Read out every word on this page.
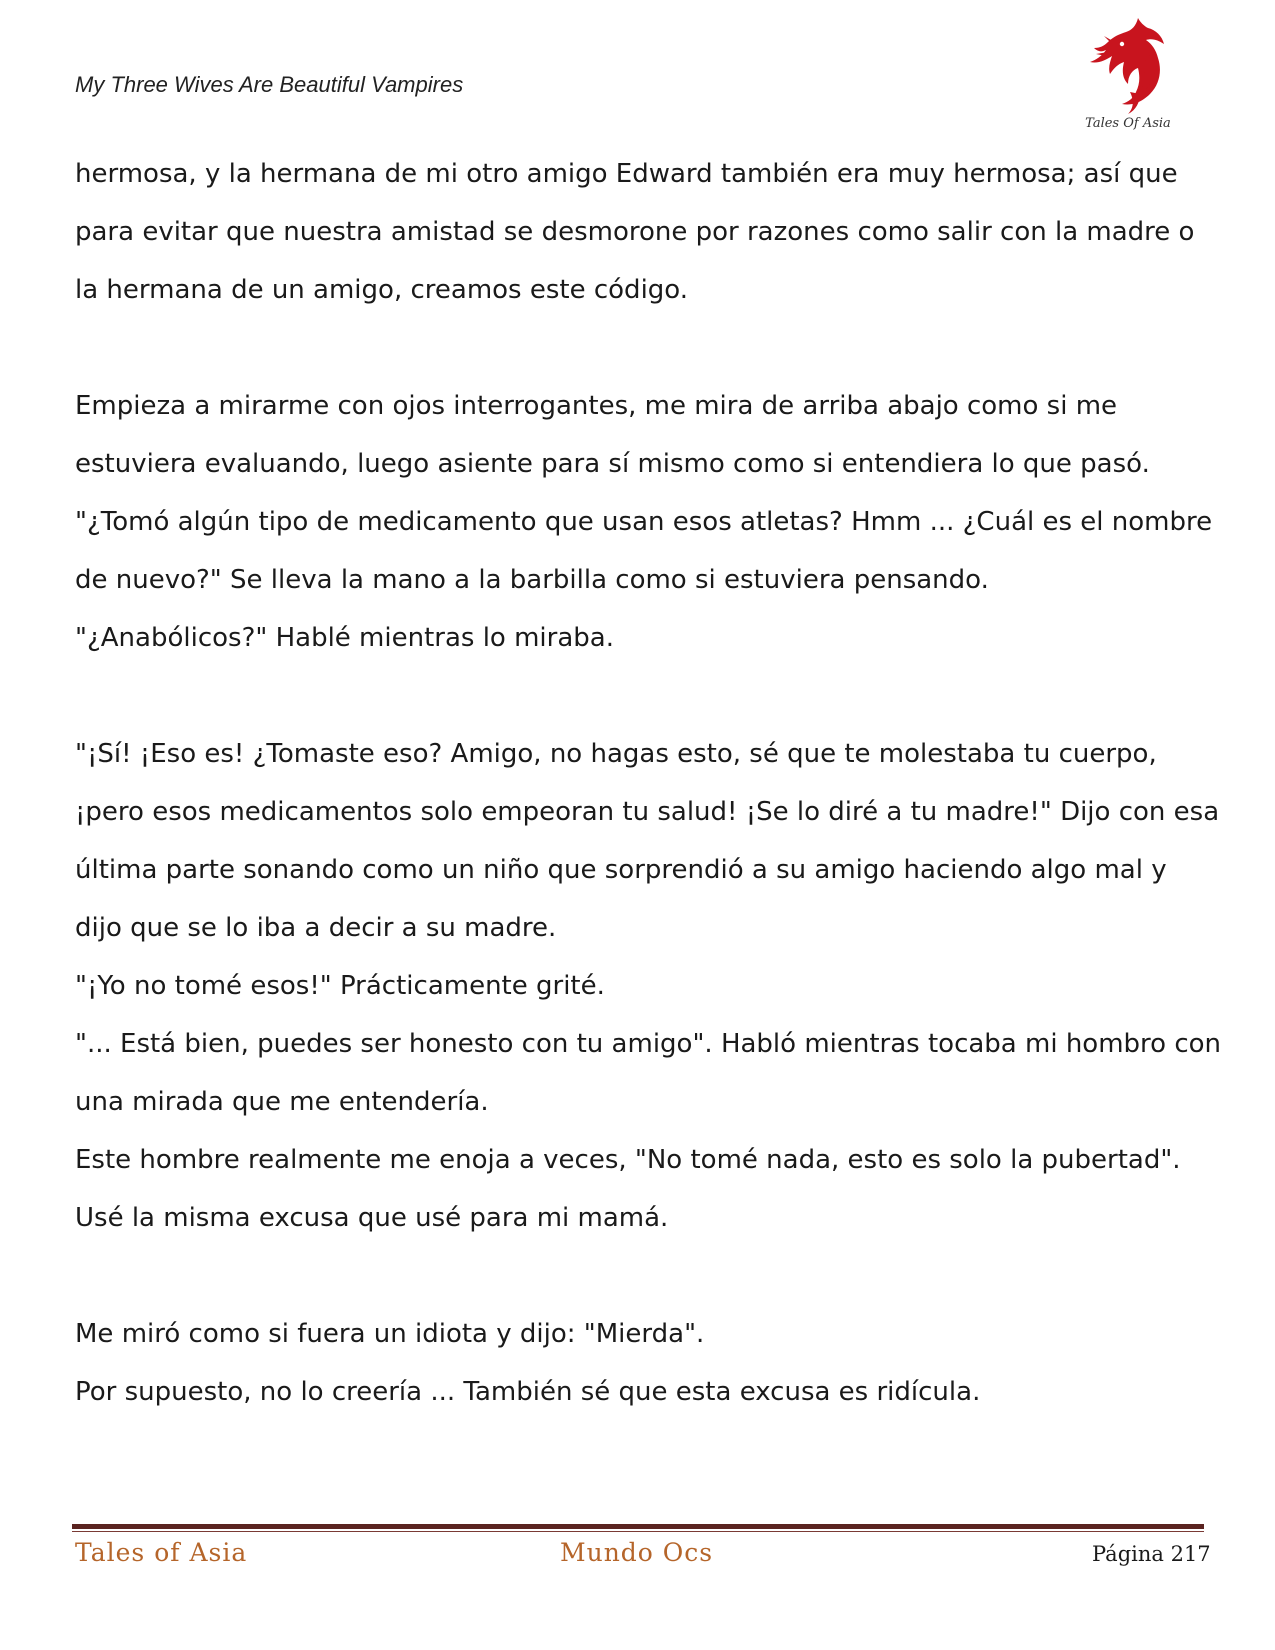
My Three Wives Are Beautiful Vampires

Tales Of Asia

hermosa, y la hermana de mi otro amigo Edward también era muy hermosa; así que
para evitar que nuestra amistad se desmorone por razones como salir con la madre o
la hermana de un amigo, creamos este código.

Empieza a mirarme con ojos interrogantes, me mira de arriba abajo como si me
estuviera evaluando, luego asiente para sí mismo como si entendiera lo que pasó.
"¿Tomó algún tipo de medicamento que usan esos atletas? Hmm ... ¿Cuál es el nombre
de nuevo?" Se lleva la mano a la barbilla como si estuviera pensando.
"¿Anabólicos?" Hablé mientras lo miraba.

"¡Sí! ¡Eso es! ¿Tomaste eso? Amigo, no hagas esto, sé que te molestaba tu cuerpo,
¡pero esos medicamentos solo empeoran tu salud! ¡Se lo diré a tu madre!" Dijo con esa
última parte sonando como un niño que sorprendió a su amigo haciendo algo mal y
dijo que se lo iba a decir a su madre.
"¡Yo no tomé esos!" Prácticamente grité.
"... Está bien, puedes ser honesto con tu amigo". Habló mientras tocaba mi hombro con
una mirada que me entendería.
Este hombre realmente me enoja a veces, "No tomé nada, esto es solo la pubertad".
Usé la misma excusa que usé para mi mamá.

Me miró como si fuera un idiota y dijo: "Mierda".
Por supuesto, no lo creería ... También sé que esta excusa es ridícula.

Tales of Asia	Mundo Ocs	Página 217
